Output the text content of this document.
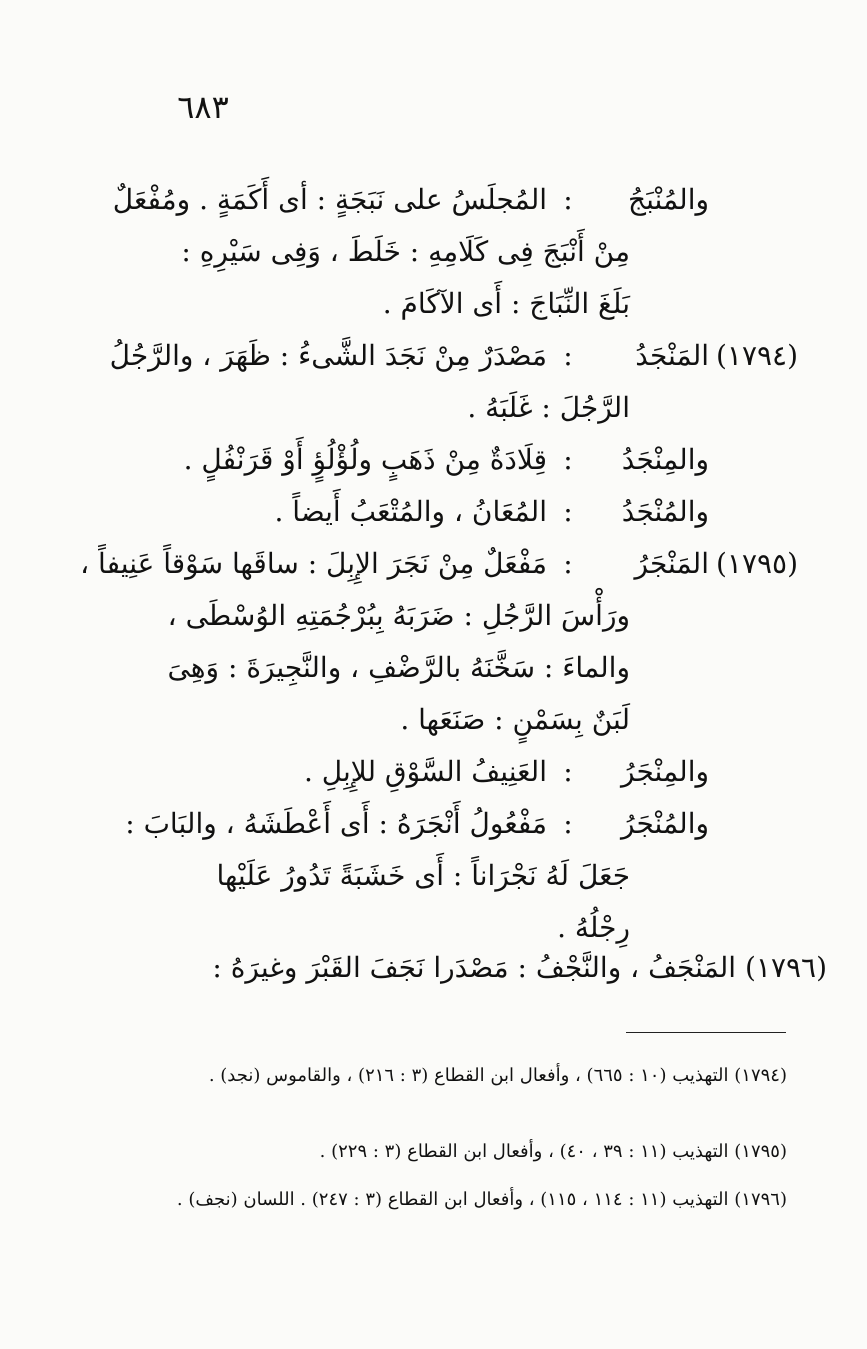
٦٨٣
والمُنْبَجُ:المُجلَسُ على نَبَجَةٍ : أى أَكَمَةٍ . ومُفْعَلٌ
مِنْ أَنْبَجَ فِى كَلَامِهِ : خَلَطَ ، وَفِى سَيْرِهِ :
بَلَغَ النِّبَاجَ : أَى الآكَامَ .
(١٧٩٤)المَنْجَدُ:مَصْدَرٌ مِنْ نَجَدَ الشَّىءُ : ظَهَرَ ، والرَّجُلُ
الرَّجُلَ : غَلَبَهُ .
والمِنْجَدُ:قِلَادَةٌ مِنْ ذَهَبٍ ولُؤْلُؤٍ أَوْ قَرَنْفُلٍ .
والمُنْجَدُ:المُعَانُ ، والمُتْعَبُ أَيضاً .
(١٧٩٥)المَنْجَرُ:مَفْعَلٌ مِنْ نَجَرَ الإِبِلَ : ساقَها سَوْقاً عَنِيفاً ،
ورَأْسَ الرَّجُلِ : ضَرَبَهُ بِبُرْجُمَتِهِ الوُسْطَى ،
والماءَ : سَخَّنَهُ بالرَّضْفِ ، والنَّجِيرَةَ : وَهِىَ
لَبَنٌ بِسَمْنٍ : صَنَعَها .
والمِنْجَرُ:العَنِيفُ السَّوْقِ للإِبِلِ .
والمُنْجَرُ:مَفْعُولُ أَنْجَرَهُ : أَى أَعْطَشَهُ ، والبَابَ :
جَعَلَ لَهُ نَجْرَاناً : أَى خَشَبَةً تَدُورُ عَلَيْها
رِجْلُهُ .
(١٧٩٦) المَنْجَفُ ، والنَّجْفُ : مَصْدَرا نَجَفَ القَبْرَ وغيرَهُ :
(١٧٩٤) التهذيب (١٠ : ٦٦٥) ، وأفعال ابن القطاع (٣ : ٢١٦) ، والقاموس (نجد) .
(١٧٩٥) التهذيب (١١ : ٣٩ ، ٤٠) ، وأفعال ابن القطاع (٣ : ٢٢٩) .
(١٧٩٦) التهذيب (١١ : ١١٤ ، ١١٥) ، وأفعال ابن القطاع (٣ : ٢٤٧) . اللسان (نجف) .
